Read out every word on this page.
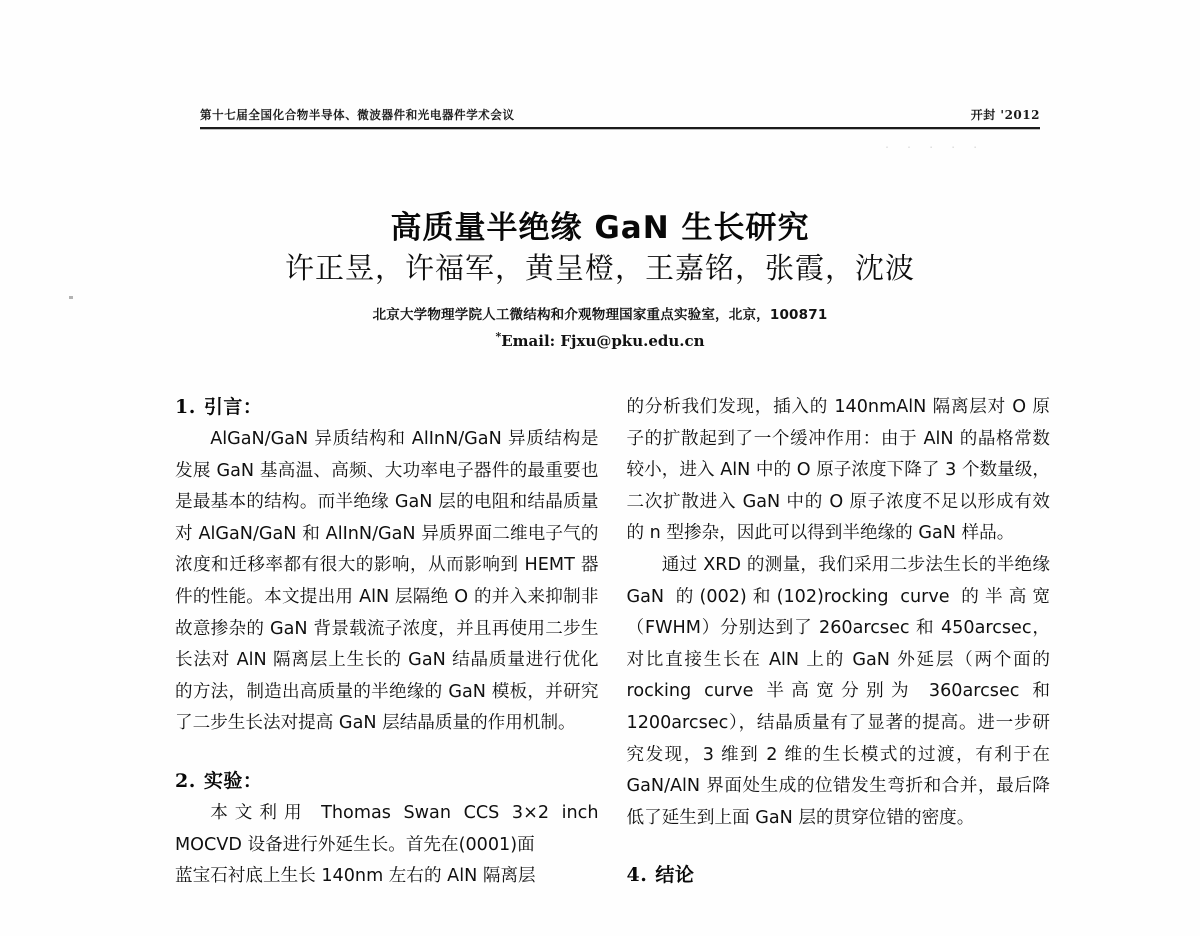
第十七届全国化合物半导体、微波器件和光电器件学术会议	开封 '2012
. . . . .
高质量半绝缘 GaN 生长研究
许正昱，许福军，黄呈橙，王嘉铭，张霞，沈波
北京大学物理学院人工微结构和介观物理国家重点实验室，北京，100871
*Email: Fjxu@pku.edu.cn
1. 引言：

AlGaN/GaN 异质结构和 AlInN/GaN 异质结构是发展 GaN 基高温、高频、大功率电子器件的最重要也是最基本的结构。而半绝缘 GaN 层的电阻和结晶质量对 AlGaN/GaN 和 AlInN/GaN 异质界面二维电子气的浓度和迁移率都有很大的影响，从而影响到 HEMT 器件的性能。本文提出用 AlN 层隔绝 O 的并入来抑制非故意掺杂的 GaN 背景载流子浓度，并且再使用二步生长法对 AlN 隔离层上生长的 GaN 结晶质量进行优化的方法，制造出高质量的半绝缘的 GaN 模板，并研究了二步生长法对提高 GaN 层结晶质量的作用机制。

2. 实验：

本文利用 Thomas Swan CCS 3×2 inch MOCVD 设备进行外延生长。首先在(0001)面

蓝宝石衬底上生长 140nm 左右的 AlN 隔离层

的分析我们发现，插入的 140nmAlN 隔离层对 O 原子的扩散起到了一个缓冲作用：由于 AlN 的晶格常数较小，进入 AlN 中的 O 原子浓度下降了 3 个数量级，二次扩散进入 GaN 中的 O 原子浓度不足以形成有效的 n 型掺杂，因此可以得到半绝缘的 GaN 样品。

通过 XRD 的测量，我们采用二步法生长的半绝缘 GaN 的(002)和(102)rocking curve 的半高宽（FWHM）分别达到了 260arcsec 和 450arcsec，对比直接生长在 AlN 上的 GaN 外延层（两个面的 rocking curve 半高宽分别为 360arcsec 和 1200arcsec），结晶质量有了显著的提高。进一步研究发现，3 维到 2 维的生长模式的过渡，有利于在 GaN/AlN 界面处生成的位错发生弯折和合并，最后降低了延生到上面 GaN 层的贯穿位错的密度。

4. 结论
